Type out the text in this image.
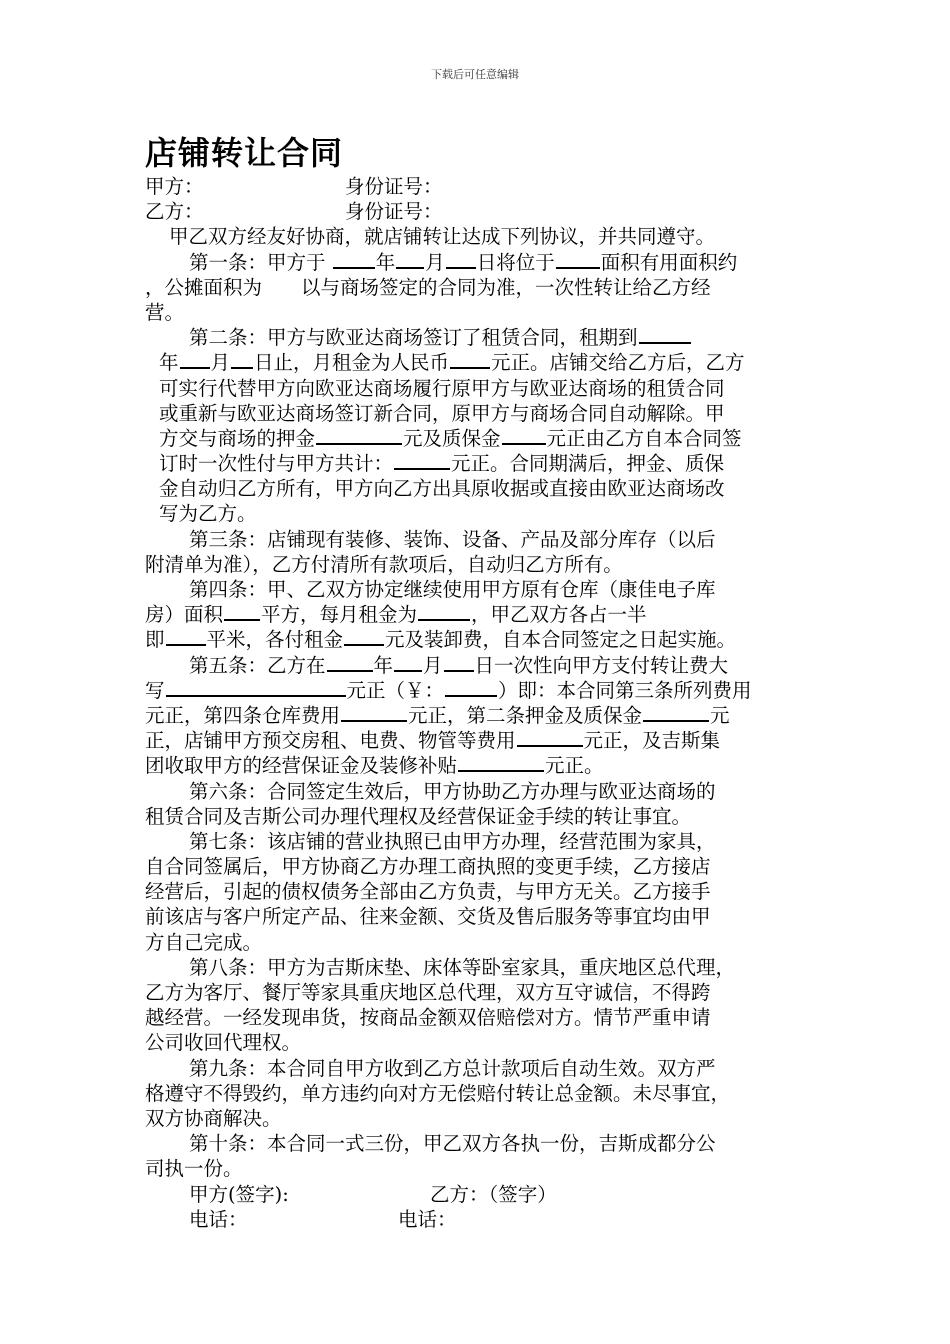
下载后可任意编辑
店铺转让合同
甲方：	身份证号：
乙方：	身份证号：
甲乙双方经友好协商，就店铺转让达成下列协议，并共同遵守。
第一条：甲方于 年 月 日将位于 面积有用面积约
，公摊面积为　　以与商场签定的合同为准，一次性转让给乙方经
营。
第二条：甲方与欧亚达商场签订了租赁合同，租期到
年 月 日止，月租金为人民币 元正。店铺交给乙方后，乙方
可实行代替甲方向欧亚达商场履行原甲方与欧亚达商场的租赁合同
或重新与欧亚达商场签订新合同，原甲方与商场合同自动解除。甲
方交与商场的押金	元及质保金 元正由乙方自本合同签
订时一次性付与甲方共计：	元正。合同期满后，押金、质保
金自动归乙方所有，甲方向乙方出具原收据或直接由欧亚达商场改
写为乙方。
第三条：店铺现有装修、装饰、设备、产品及部分库存（以后
附清单为准），乙方付清所有款项后，自动归乙方所有。
第四条：甲、乙双方协定继续使用甲方原有仓库（康佳电子库
房）面积 平方，每月租金为	，甲乙双方各占一半
即 平米，各付租金 元及装卸费，自本合同签定之日起实施。
第五条：乙方在 年 月 日一次性向甲方支付转让费大
写	元正（￥：	）即：本合同第三条所列费用
元正，第四条仓库费用	元正，第二条押金及质保金	元
正，店铺甲方预交房租、电费、物管等费用	元正，及吉斯集
团收取甲方的经营保证金及装修补贴	元正。
第六条：合同签定生效后，甲方协助乙方办理与欧亚达商场的
租赁合同及吉斯公司办理代理权及经营保证金手续的转让事宜。
第七条：该店铺的营业执照已由甲方办理，经营范围为家具，
自合同签属后，甲方协商乙方办理工商执照的变更手续，乙方接店
经营后，引起的债权债务全部由乙方负责，与甲方无关。乙方接手
前该店与客户所定产品、往来金额、交货及售后服务等事宜均由甲
方自己完成。
第八条：甲方为吉斯床垫、床体等卧室家具，重庆地区总代理，
乙方为客厅、餐厅等家具重庆地区总代理，双方互守诚信，不得跨
越经营。一经发现串货，按商品金额双倍赔偿对方。情节严重申请
公司收回代理权。
第九条：本合同自甲方收到乙方总计款项后自动生效。双方严
格遵守不得毁约，单方违约向对方无偿赔付转让总金额。未尽事宜，
双方协商解决。
第十条：本合同一式三份，甲乙双方各执一份，吉斯成都分公
司执一份。
甲方(签字):	乙方：（签字）
电话：	电话：
